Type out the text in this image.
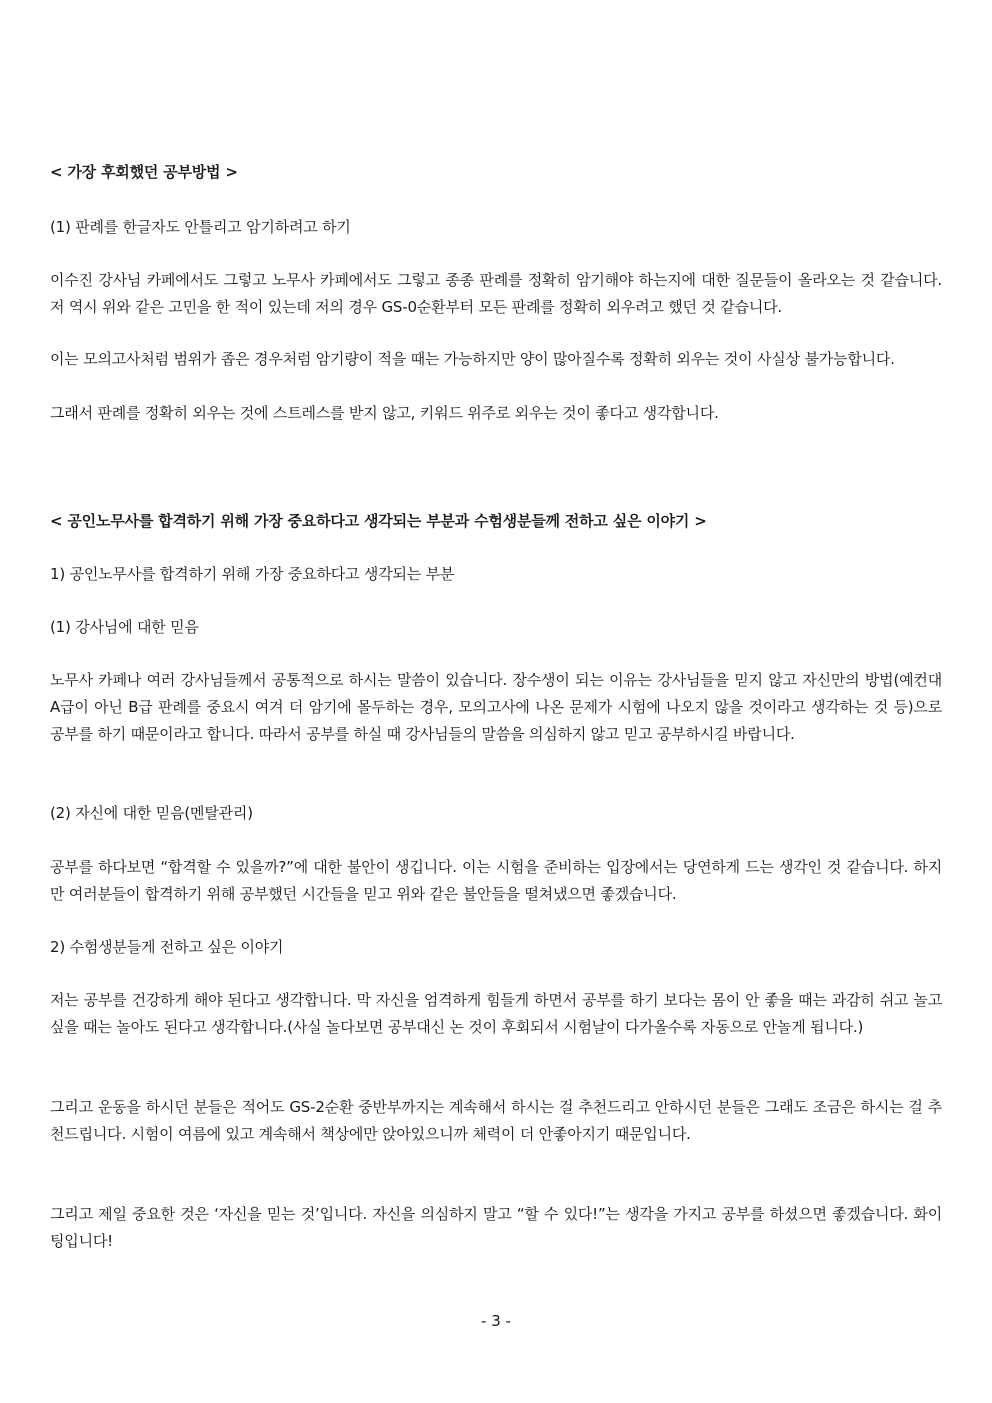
< 가장 후회했던 공부방법 >

(1) 판례를 한글자도 안틀리고 암기하려고 하기

이수진 강사님 카페에서도 그렇고 노무사 카페에서도 그렇고 종종 판례를 정확히 암기해야 하는지에 대한 질문들이 올라오는 것 같습니다. 저 역시 위와 같은 고민을 한 적이 있는데 저의 경우 GS-0순환부터 모든 판례를 정확히 외우려고 했던 것 같습니다.

이는 모의고사처럼 범위가 좁은 경우처럼 암기량이 적을 때는 가능하지만 양이 많아질수록 정확히 외우는 것이 사실상 불가능합니다.

그래서 판례를 정확히 외우는 것에 스트레스를 받지 않고, 키워드 위주로 외우는 것이 좋다고 생각합니다.

< 공인노무사를 합격하기 위해 가장 중요하다고 생각되는 부분과 수험생분들께 전하고 싶은 이야기 >

1) 공인노무사를 합격하기 위해 가장 중요하다고 생각되는 부분

(1) 강사님에 대한 믿음

노무사 카페나 여러 강사님들께서 공통적으로 하시는 말씀이 있습니다. 장수생이 되는 이유는 강사님들을 믿지 않고 자신만의 방법(예컨대 A급이 아닌 B급 판례를 중요시 여겨 더 암기에 몰두하는 경우, 모의고사에 나온 문제가 시험에 나오지 않을 것이라고 생각하는 것 등)으로 공부를 하기 때문이라고 합니다. 따라서 공부를 하실 때 강사님들의 말씀을 의심하지 않고 믿고 공부하시길 바랍니다.

(2) 자신에 대한 믿음(멘탈관리)

공부를 하다보면 “합격할 수 있을까?”에 대한 불안이 생깁니다. 이는 시험을 준비하는 입장에서는 당연하게 드는 생각인 것 같습니다. 하지만 여러분들이 합격하기 위해 공부했던 시간들을 믿고 위와 같은 불안들을 떨쳐냈으면 좋겠습니다.

2) 수험생분들게 전하고 싶은 이야기

저는 공부를 건강하게 해야 된다고 생각합니다. 막 자신을 엄격하게 힘들게 하면서 공부를 하기 보다는 몸이 안 좋을 때는 과감히 쉬고 놀고 싶을 때는 놀아도 된다고 생각합니다.(사실 놀다보면 공부대신 논 것이 후회되서 시험날이 다가올수록 자동으로 안놀게 됩니다.)

그리고 운동을 하시던 분들은 적어도 GS-2순환 중반부까지는 계속해서 하시는 걸 추천드리고 안하시던 분들은 그래도 조금은 하시는 걸 추천드립니다. 시험이 여름에 있고 계속해서 책상에만 앉아있으니까 체력이 더 안좋아지기 때문입니다.

그리고 제일 중요한 것은 ‘자신을 믿는 것’입니다. 자신을 의심하지 말고 “할 수 있다!”는 생각을 가지고 공부를 하셨으면 좋겠습니다. 화이팅입니다!

- 3 -
